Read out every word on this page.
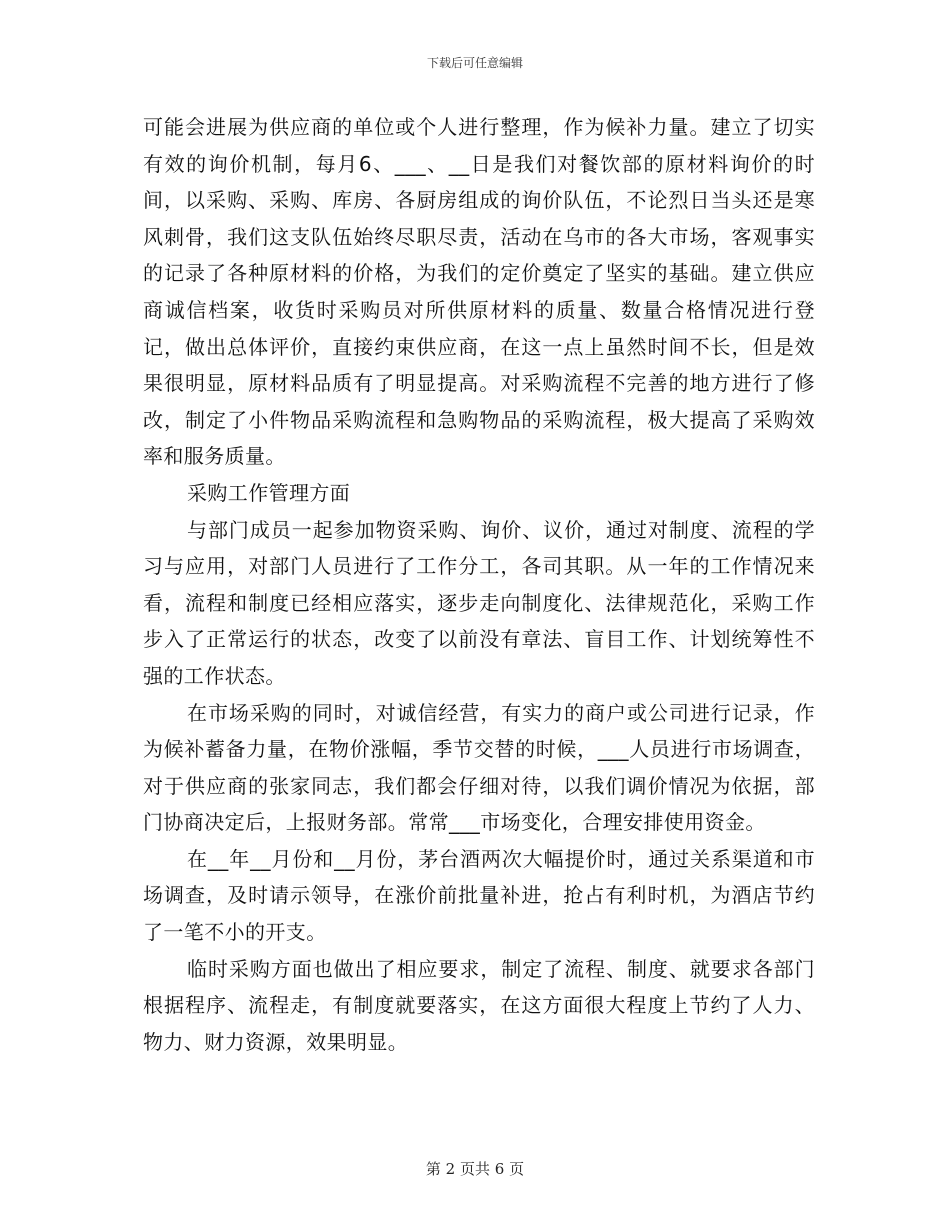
下载后可任意编辑

可能会进展为供应商的单位或个人进行整理，作为候补力量。建立了切实有效的询价机制，每月6、___、__日是我们对餐饮部的原材料询价的时间，以采购、采购、库房、各厨房组成的询价队伍，不论烈日当头还是寒风刺骨，我们这支队伍始终尽职尽责，活动在乌市的各大市场，客观事实的记录了各种原材料的价格，为我们的定价奠定了坚实的基础。建立供应商诚信档案，收货时采购员对所供原材料的质量、数量合格情况进行登记，做出总体评价，直接约束供应商，在这一点上虽然时间不长，但是效果很明显，原材料品质有了明显提高。对采购流程不完善的地方进行了修改，制定了小件物品采购流程和急购物品的采购流程，极大提高了采购效率和服务质量。

采购工作管理方面

与部门成员一起参加物资采购、询价、议价，通过对制度、流程的学习与应用，对部门人员进行了工作分工，各司其职。从一年的工作情况来看，流程和制度已经相应落实，逐步走向制度化、法律规范化，采购工作步入了正常运行的状态，改变了以前没有章法、盲目工作、计划统筹性不强的工作状态。

在市场采购的同时，对诚信经营，有实力的商户或公司进行记录，作为候补蓄备力量，在物价涨幅，季节交替的时候，___人员进行市场调查，对于供应商的张家同志，我们都会仔细对待，以我们调价情况为依据，部门协商决定后，上报财务部。常常___市场变化，合理安排使用资金。

在__年__月份和__月份，茅台酒两次大幅提价时，通过关系渠道和市场调查，及时请示领导，在涨价前批量补进，抢占有利时机，为酒店节约了一笔不小的开支。

临时采购方面也做出了相应要求，制定了流程、制度、就要求各部门根据程序、流程走，有制度就要落实，在这方面很大程度上节约了人力、物力、财力资源，效果明显。

第 2 页共 6 页
